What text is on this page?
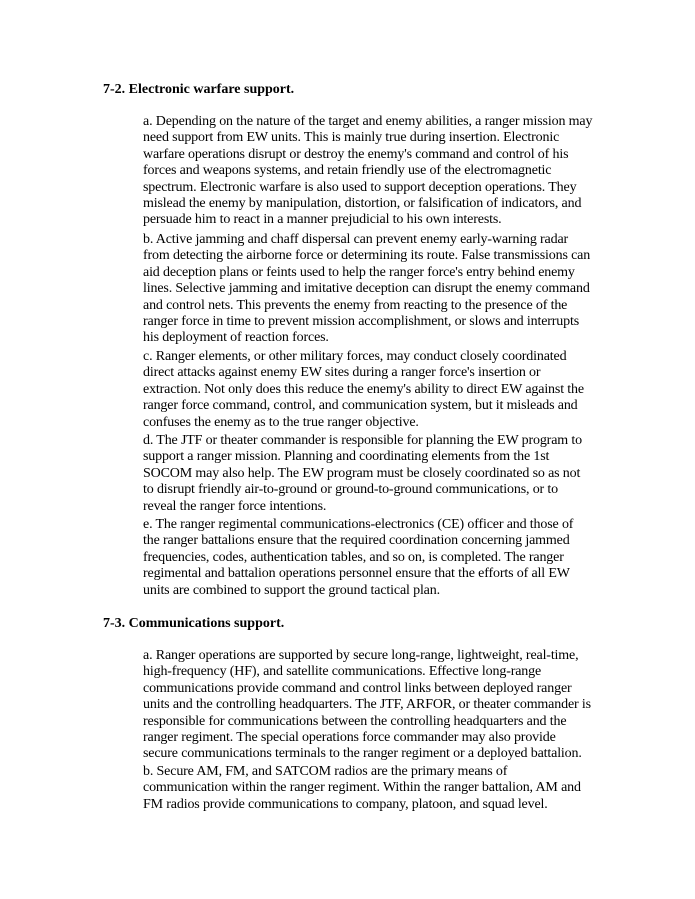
7-2. Electronic warfare support.

a. Depending on the nature of the target and enemy abilities, a ranger mission may
need support from EW units. This is mainly true during insertion. Electronic
warfare operations disrupt or destroy the enemy's command and control of his
forces and weapons systems, and retain friendly use of the electromagnetic
spectrum. Electronic warfare is also used to support deception operations. They
mislead the enemy by manipulation, distortion, or falsification of indicators, and
persuade him to react in a manner prejudicial to his own interests.

b. Active jamming and chaff dispersal can prevent enemy early-warning radar
from detecting the airborne force or determining its route. False transmissions can
aid deception plans or feints used to help the ranger force's entry behind enemy
lines. Selective jamming and imitative deception can disrupt the enemy command
and control nets. This prevents the enemy from reacting to the presence of the
ranger force in time to prevent mission accomplishment, or slows and interrupts
his deployment of reaction forces.

c. Ranger elements, or other military forces, may conduct closely coordinated
direct attacks against enemy EW sites during a ranger force's insertion or
extraction. Not only does this reduce the enemy's ability to direct EW against the
ranger force command, control, and communication system, but it misleads and
confuses the enemy as to the true ranger objective.

d. The JTF or theater commander is responsible for planning the EW program to
support a ranger mission. Planning and coordinating elements from the 1st
SOCOM may also help. The EW program must be closely coordinated so as not
to disrupt friendly air-to-ground or ground-to-ground communications, or to
reveal the ranger force intentions.

e. The ranger regimental communications-electronics (CE) officer and those of
the ranger battalions ensure that the required coordination concerning jammed
frequencies, codes, authentication tables, and so on, is completed. The ranger
regimental and battalion operations personnel ensure that the efforts of all EW
units are combined to support the ground tactical plan.

7-3. Communications support.

a. Ranger operations are supported by secure long-range, lightweight, real-time,
high-frequency (HF), and satellite communications. Effective long-range
communications provide command and control links between deployed ranger
units and the controlling headquarters. The JTF, ARFOR, or theater commander is
responsible for communications between the controlling headquarters and the
ranger regiment. The special operations force commander may also provide
secure communications terminals to the ranger regiment or a deployed battalion.

b. Secure AM, FM, and SATCOM radios are the primary means of
communication within the ranger regiment. Within the ranger battalion, AM and
FM radios provide communications to company, platoon, and squad level.
